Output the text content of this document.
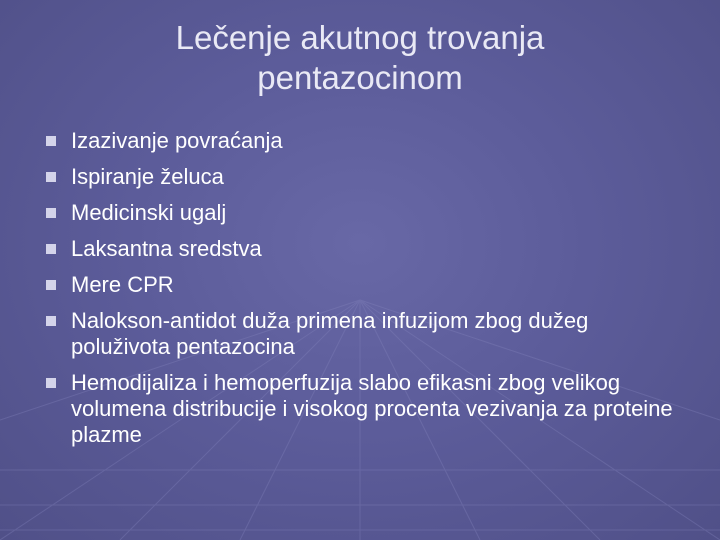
Lečenje akutnog trovanja
pentazocinom
Izazivanje povraćanja
Ispiranje želuca
Medicinski ugalj
Laksantna sredstva
Mere CPR
Nalokson-antidot duža primena infuzijom zbog dužeg poluživota pentazocina
Hemodijaliza i hemoperfuzija slabo efikasni zbog velikog volumena distribucije i visokog procenta vezivanja za proteine plazme
